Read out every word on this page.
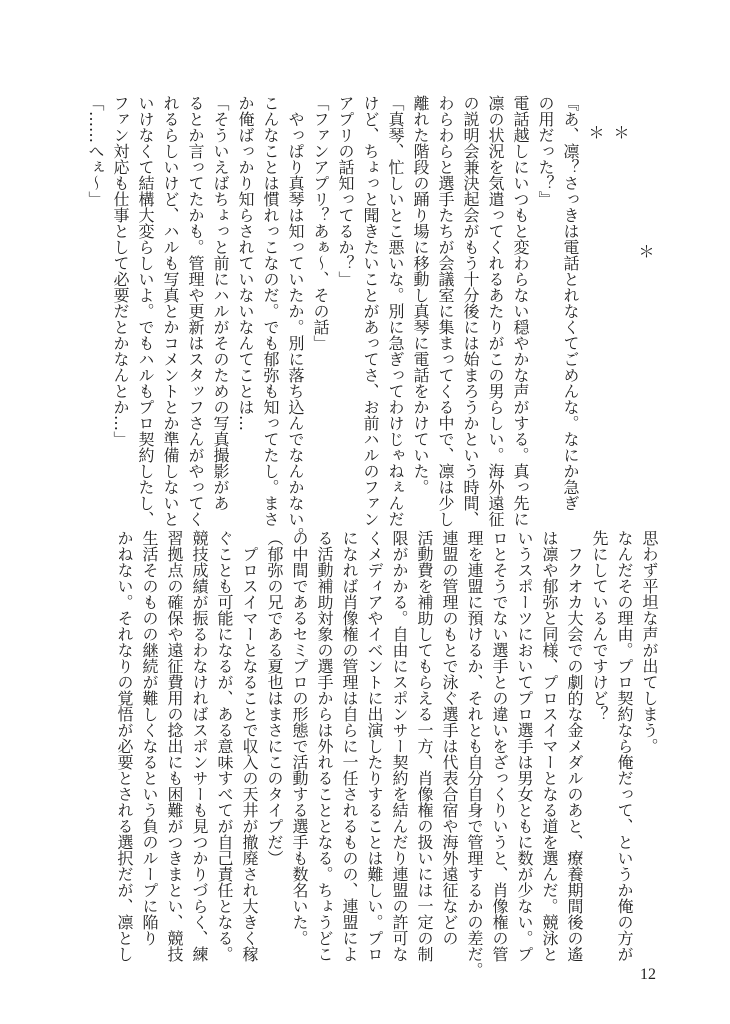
＊
＊
＊
『あ、凛？さっきは電話とれなくてごめんな。なにか急ぎ
の用だった？』
電話越しにいつもと変わらない穏やかな声がする。真っ先に
凛の状況を気遣ってくれるあたりがこの男らしい。海外遠征
の説明会兼決起会がもう十分後には始まろうかという時間、
わらわらと選手たちが会議室に集まってくる中で、凛は少し
離れた階段の踊り場に移動し真琴に電話をかけていた。
「真琴、忙しいとこ悪いな。別に急ぎってわけじゃねぇんだ
けど、ちょっと聞きたいことがあってさ、お前ハルのファン
アプリの話知ってるか？」
「ファンアプリ？あぁ～、その話」
　やっぱり真琴は知っていたか。別に落ち込んでなんかない。
こんなことは慣れっこなのだ。でも郁弥も知ってたし。まさ
か俺ばっかり知らされていないなんてことは…
「そういえばちょっと前にハルがそのための写真撮影があ
るとか言ってたかも。管理や更新はスタッフさんがやってく
れるらしいけど、ハルも写真とかコメントとか準備しないと
いけなくて結構大変らしいよ。でもハルもプロ契約したし、
ファン対応も仕事として必要だとかなんとか…」
「……へぇ～」
思わず平坦な声が出てしまう。
なんだその理由。プロ契約なら俺だって、というか俺の方が
先にしているんですけど？
　フクオカ大会での劇的な金メダルのあと、療養期間後の遙
は凛や郁弥と同様、プロスイマーとなる道を選んだ。競泳と
いうスポーツにおいてプロ選手は男女ともに数が少ない。プ
ロとそうでない選手との違いをざっくりいうと、肖像権の管
理を連盟に預けるか、それとも自分自身で管理するかの差だ。
連盟の管理のもとで泳ぐ選手は代表合宿や海外遠征などの
活動費を補助してもらえる一方、肖像権の扱いには一定の制
限がかかる。自由にスポンサー契約を結んだり連盟の許可な
くメディアやイベントに出演したりすることは難しい。プロ
になれば肖像権の管理は自らに一任されるものの、連盟によ
る活動補助対象の選手からは外れることとなる。ちょうどこ
の中間であるセミプロの形態で活動する選手も数名いた。
（郁弥の兄である夏也はまさにこのタイプだ）
　プロスイマーとなることで収入の天井が撤廃され大きく稼
ぐことも可能になるが、ある意味すべてが自己責任となる。
競技成績が振るわなければスポンサーも見つかりづらく、練
習拠点の確保や遠征費用の捻出にも困難がつきまとい、競技
生活そのものの継続が難しくなるという負のループに陥り
かねない。それなりの覚悟が必要とされる選択だが、凛とし
12
